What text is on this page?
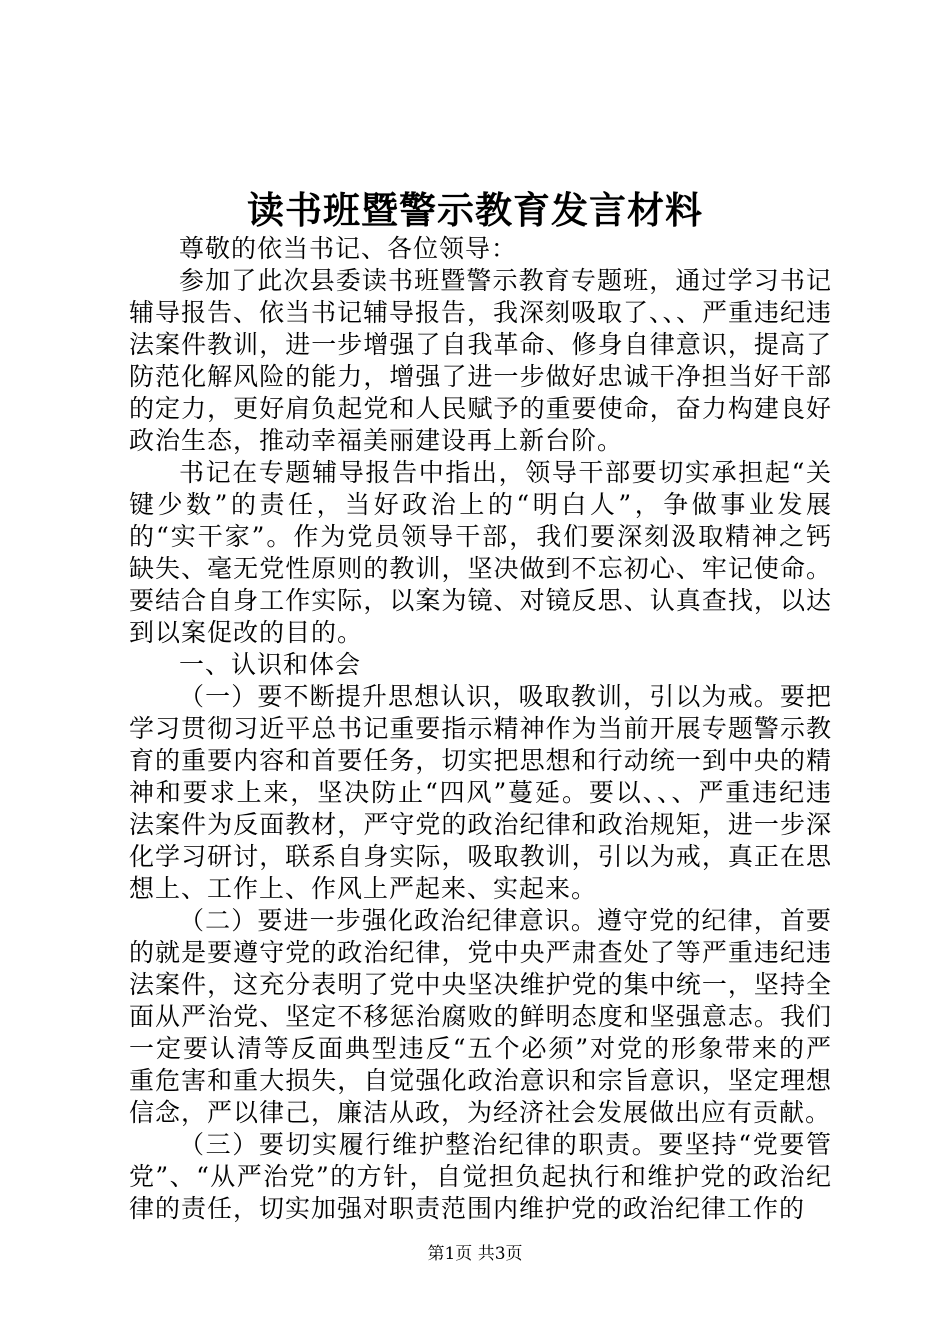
读书班暨警示教育发言材料

尊敬的依当书记、各位领导：

参加了此次县委读书班暨警示教育专题班，通过学习书记辅导报告、依当书记辅导报告，我深刻吸取了、、、严重违纪违法案件教训，进一步增强了自我革命、修身自律意识，提高了防范化解风险的能力，增强了进一步做好忠诚干净担当好干部的定力，更好肩负起党和人民赋予的重要使命，奋力构建良好政治生态，推动幸福美丽建设再上新台阶。

书记在专题辅导报告中指出，领导干部要切实承担起“关键少数”的责任，当好政治上的“明白人”，争做事业发展的“实干家”。作为党员领导干部，我们要深刻汲取精神之钙缺失、毫无党性原则的教训，坚决做到不忘初心、牢记使命。要结合自身工作实际，以案为镜、对镜反思、认真查找，以达到以案促改的目的。

一、认识和体会

（一）要不断提升思想认识，吸取教训，引以为戒。要把学习贯彻习近平总书记重要指示精神作为当前开展专题警示教育的重要内容和首要任务，切实把思想和行动统一到中央的精神和要求上来，坚决防止“四风”蔓延。要以、、、严重违纪违法案件为反面教材，严守党的政治纪律和政治规矩，进一步深化学习研讨，联系自身实际，吸取教训，引以为戒，真正在思想上、工作上、作风上严起来、实起来。

（二）要进一步强化政治纪律意识。遵守党的纪律，首要的就是要遵守党的政治纪律，党中央严肃查处了等严重违纪违法案件，这充分表明了党中央坚决维护党的集中统一，坚持全面从严治党、坚定不移惩治腐败的鲜明态度和坚强意志。我们一定要认清等反面典型违反“五个必须”对党的形象带来的严重危害和重大损失，自觉强化政治意识和宗旨意识，坚定理想信念，严以律己，廉洁从政，为经济社会发展做出应有贡献。

（三）要切实履行维护整治纪律的职责。要坚持“党要管党”、“从严治党”的方针，自觉担负起执行和维护党的政治纪律的责任，切实加强对职责范围内维护党的政治纪律工作的

第1页 共3页
